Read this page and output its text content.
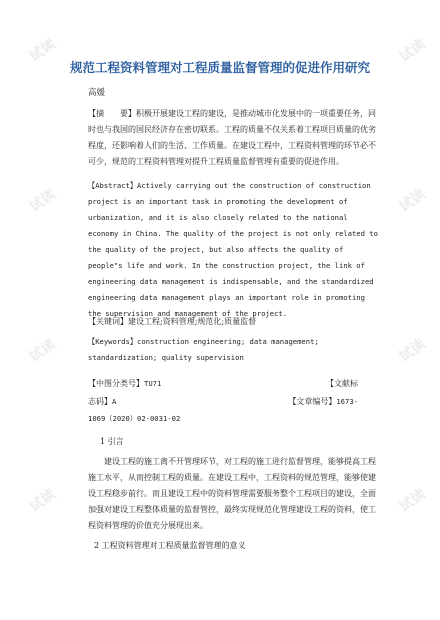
试读	试读
试读	试读
试读	试读
试读	试读
规范工程资料管理对工程质量监督管理的促进作用研究
高媛
【摘　　要】积极开展建设工程的建设，是推动城市化发展中的一项重要任务，同时也与我国的国民经济存在密切联系。工程的质量不仅关系着工程项目质量的优劣程度，还影响着人们的生活、工作质量。在建设工程中，工程资料管理的环节必不可少，规范的工程资料管理对提升工程质量监督管理有重要的促进作用。
【Abstract】Actively carrying out the construction of construction project is an important task in promoting the development of urbanization, and it is also closely related to the national economy in China. The quality of the project is not only related to the quality of the project, but also affects the quality of people"s life and work. In the construction project, the link of engineering data management is indispensable, and the standardized engineering data management plays an important role in promoting the supervision and management of the project.
【关键词】建设工程;资料管理;规范化;质量监督
【Keywords】construction engineering; data management; standardization; quality supervision
【中图分类号】TU71	【文献标
志码】A	【文章编号】1673-
1069（2020）02-0031-02
1 引言
建设工程的施工离不开管理环节，对工程的施工进行监督管理，能够提高工程施工水平，从而控制工程的质量。在建设工程中，工程资料的规范管理，能够使建设工程稳步前行。而且建设工程中的资料管理需要服务整个工程项目的建设，全面加强对建设工程整体质量的监督管控，最终实现规范化管理建设工程的资料，使工程资料管理的价值充分展现出来。
2 工程资料管理对工程质量监督管理的意义
